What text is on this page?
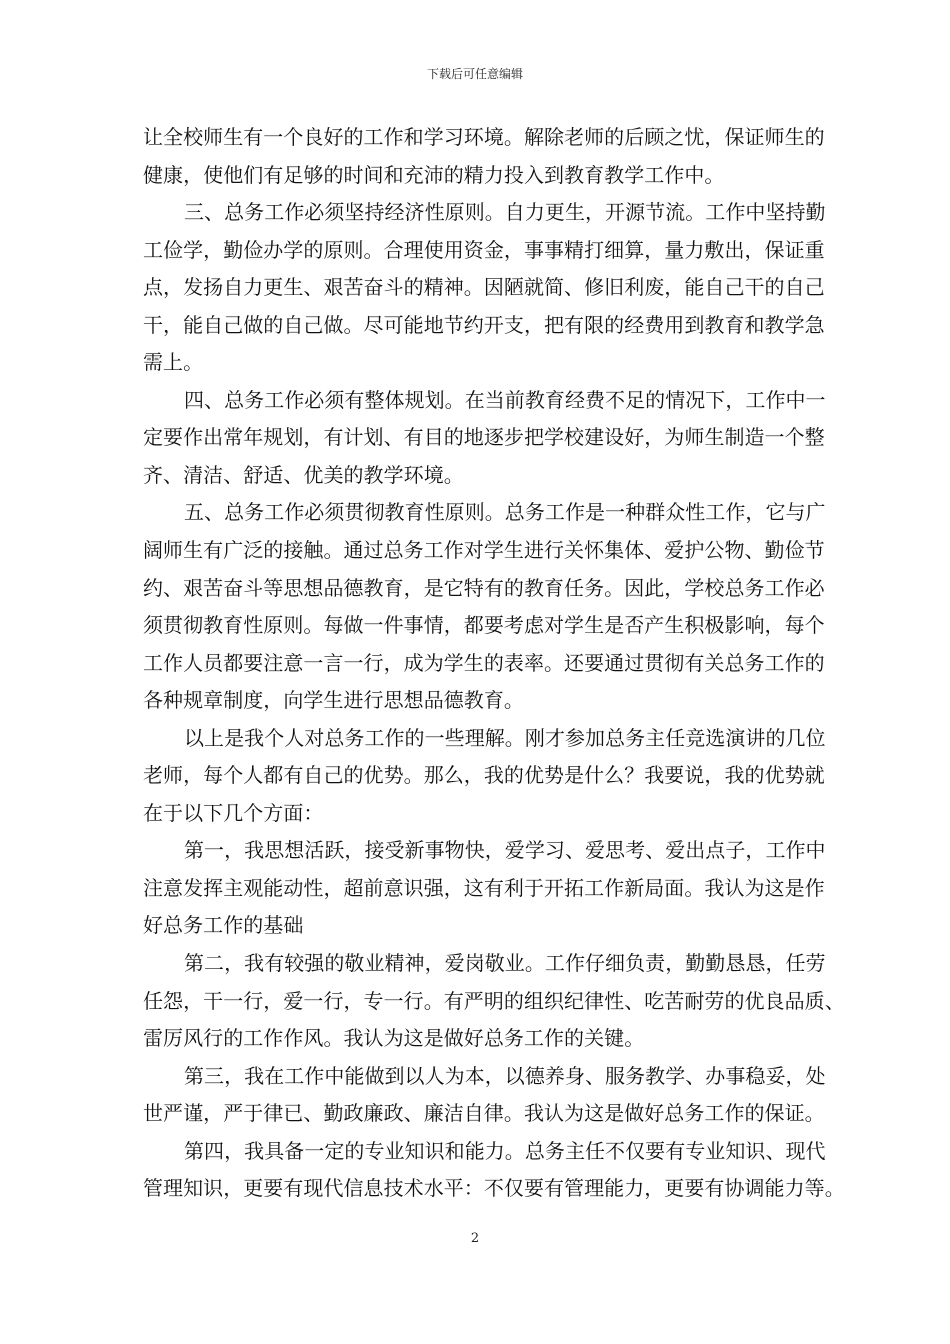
下载后可任意编辑
让全校师生有一个良好的工作和学习环境。解除老师的后顾之忧，保证师生的
健康，使他们有足够的时间和充沛的精力投入到教育教学工作中。
三、总务工作必须坚持经济性原则。自力更生，开源节流。工作中坚持勤
工俭学，勤俭办学的原则。合理使用资金，事事精打细算，量力敷出，保证重
点，发扬自力更生、艰苦奋斗的精神。因陋就简、修旧利废，能自己干的自己
干，能自己做的自己做。尽可能地节约开支，把有限的经费用到教育和教学急
需上。
四、总务工作必须有整体规划。在当前教育经费不足的情况下，工作中一
定要作出常年规划，有计划、有目的地逐步把学校建设好，为师生制造一个整
齐、清洁、舒适、优美的教学环境。
五、总务工作必须贯彻教育性原则。总务工作是一种群众性工作，它与广
阔师生有广泛的接触。通过总务工作对学生进行关怀集体、爱护公物、勤俭节
约、艰苦奋斗等思想品德教育，是它特有的教育任务。因此，学校总务工作必
须贯彻教育性原则。每做一件事情，都要考虑对学生是否产生积极影响，每个
工作人员都要注意一言一行，成为学生的表率。还要通过贯彻有关总务工作的
各种规章制度，向学生进行思想品德教育。
以上是我个人对总务工作的一些理解。刚才参加总务主任竞选演讲的几位
老师，每个人都有自己的优势。那么，我的优势是什么？我要说，我的优势就
在于以下几个方面：
第一，我思想活跃，接受新事物快，爱学习、爱思考、爱出点子，工作中
注意发挥主观能动性，超前意识强，这有利于开拓工作新局面。我认为这是作
好总务工作的基础
第二，我有较强的敬业精神，爱岗敬业。工作仔细负责，勤勤恳恳，任劳
任怨，干一行，爱一行，专一行。有严明的组织纪律性、吃苦耐劳的优良品质、
雷厉风行的工作作风。我认为这是做好总务工作的关键。
第三，我在工作中能做到以人为本，以德养身、服务教学、办事稳妥，处
世严谨，严于律已、勤政廉政、廉洁自律。我认为这是做好总务工作的保证。
第四，我具备一定的专业知识和能力。总务主任不仅要有专业知识、现代
管理知识，更要有现代信息技术水平：不仅要有管理能力，更要有协调能力等。
2
